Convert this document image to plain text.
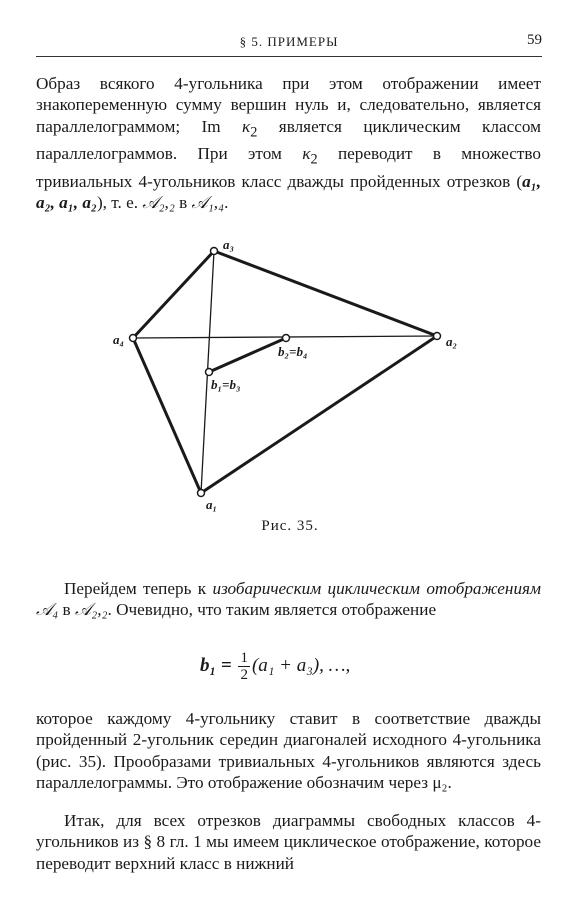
§ 5. ПРИМЕРЫ	59

Образ всякого 4-угольника при этом отображении имеет знакопеременную сумму вершин нуль и, следовательно, является параллелограммом; Im $\kappa_2$ является циклическим классом параллелограммов. При этом $\kappa_2$ переводит в множество тривиальных 4-угольников класс дважды пройденных отрезков (a₁, a₂, a₁, a₂), т. е. 𝒜₂,₂ в 𝒜₁,₄.

a₃
a₄	a₂
a₁
b₁=b₃
b₂=b₄
Рис. 35.

Перейдем теперь к изобарическим циклическим отображениям 𝒜₄ в 𝒜₂,₂. Очевидно, что таким является отображение

$b_1 = \frac{1}{2} (a_1 + a_3)$, …,

которое каждому 4-угольнику ставит в соответствие дважды пройденный 2-угольник середин диагоналей исходного 4-угольника (рис. 35). Прообразами тривиальных 4-угольников являются здесь параллелограммы. Это отображение обозначим через μ₂.

Итак, для всех отрезков диаграммы свободных классов 4-угольников из § 8 гл. 1 мы имеем циклическое отображение, которое переводит верхний класс в нижний
